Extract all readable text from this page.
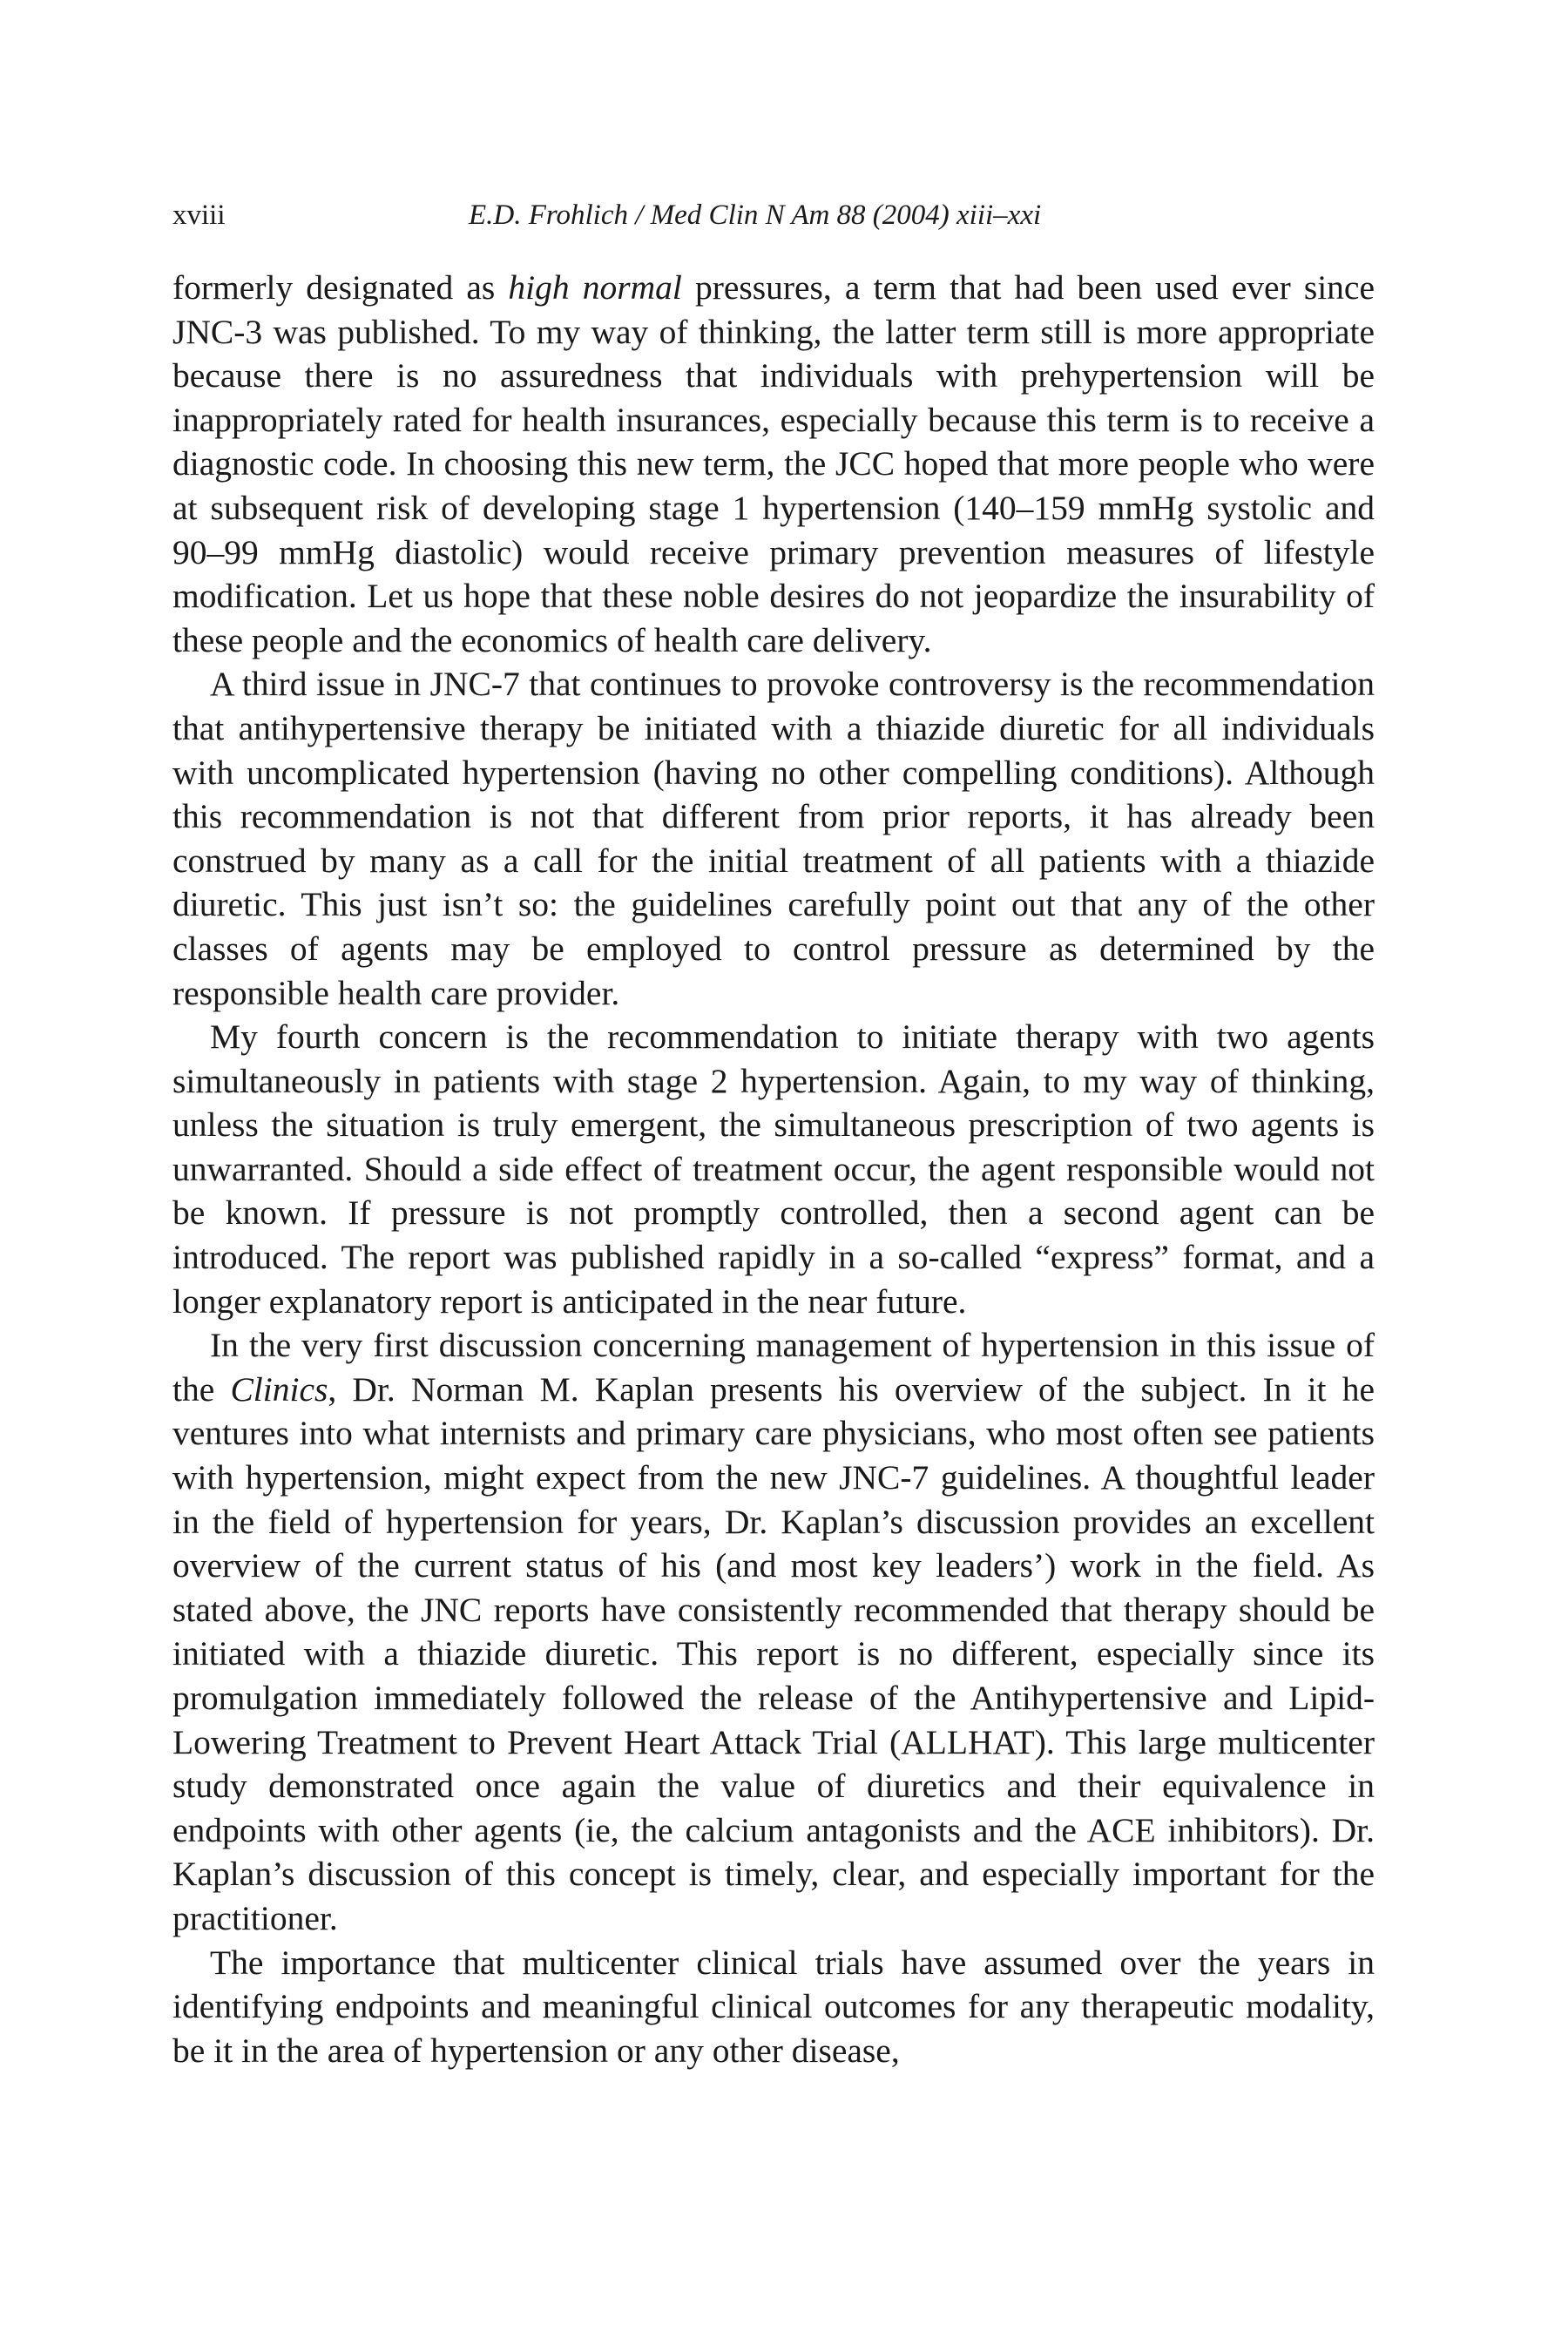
xviii	E.D. Frohlich / Med Clin N Am 88 (2004) xiii–xxi

formerly designated as high normal pressures, a term that had been used ever since JNC-3 was published. To my way of thinking, the latter term still is more appropriate because there is no assuredness that individuals with prehypertension will be inappropriately rated for health insurances, especially because this term is to receive a diagnostic code. In choosing this new term, the JCC hoped that more people who were at subsequent risk of developing stage 1 hypertension (140–159 mmHg systolic and 90–99 mmHg diastolic) would receive primary prevention measures of lifestyle modification. Let us hope that these noble desires do not jeopardize the insurability of these people and the economics of health care delivery.

A third issue in JNC-7 that continues to provoke controversy is the recommendation that antihypertensive therapy be initiated with a thiazide diuretic for all individuals with uncomplicated hypertension (having no other compelling conditions). Although this recommendation is not that different from prior reports, it has already been construed by many as a call for the initial treatment of all patients with a thiazide diuretic. This just isn’t so: the guidelines carefully point out that any of the other classes of agents may be employed to control pressure as determined by the responsible health care provider.

My fourth concern is the recommendation to initiate therapy with two agents simultaneously in patients with stage 2 hypertension. Again, to my way of thinking, unless the situation is truly emergent, the simultaneous prescription of two agents is unwarranted. Should a side effect of treatment occur, the agent responsible would not be known. If pressure is not promptly controlled, then a second agent can be introduced. The report was published rapidly in a so-called “express” format, and a longer explanatory report is anticipated in the near future.

In the very first discussion concerning management of hypertension in this issue of the Clinics, Dr. Norman M. Kaplan presents his overview of the subject. In it he ventures into what internists and primary care physicians, who most often see patients with hypertension, might expect from the new JNC-7 guidelines. A thoughtful leader in the field of hypertension for years, Dr. Kaplan’s discussion provides an excellent overview of the current status of his (and most key leaders’) work in the field. As stated above, the JNC reports have consistently recommended that therapy should be initiated with a thiazide diuretic. This report is no different, especially since its promulgation immediately followed the release of the Antihypertensive and Lipid-Lowering Treatment to Prevent Heart Attack Trial (ALLHAT). This large multicenter study demonstrated once again the value of diuretics and their equivalence in endpoints with other agents (ie, the calcium antagonists and the ACE inhibitors). Dr. Kaplan’s discussion of this concept is timely, clear, and especially important for the practitioner.

The importance that multicenter clinical trials have assumed over the years in identifying endpoints and meaningful clinical outcomes for any therapeutic modality, be it in the area of hypertension or any other disease,
